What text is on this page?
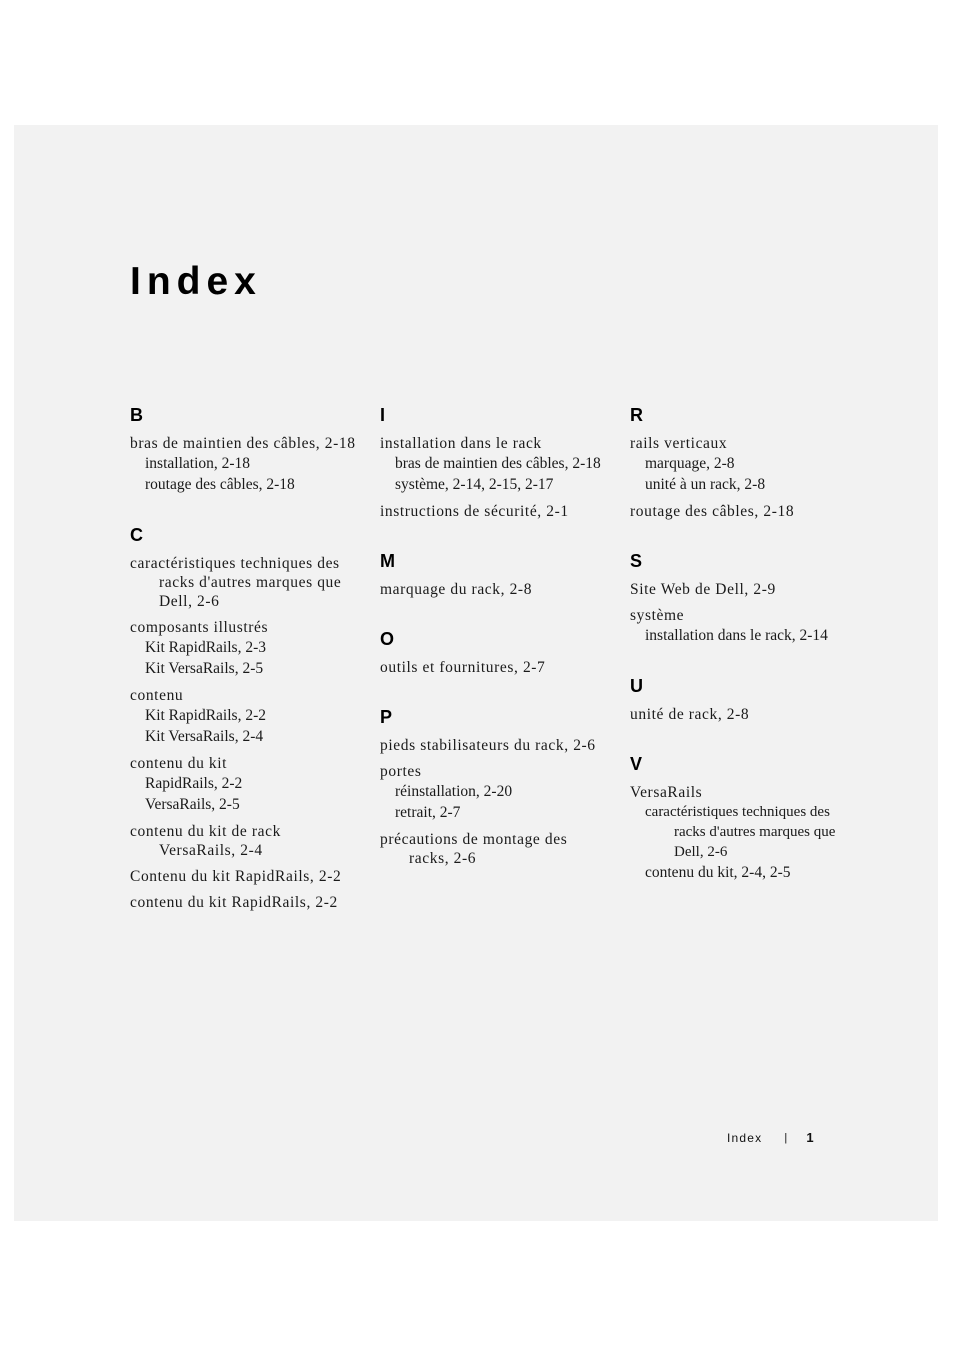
Index
B
bras de maintien des câbles, 2-18
installation, 2-18
routage des câbles, 2-18
C
caractéristiques techniques des racks d'autres marques que Dell, 2-6
composants illustrés
Kit RapidRails, 2-3
Kit VersaRails, 2-5
contenu
Kit RapidRails, 2-2
Kit VersaRails, 2-4
contenu du kit
RapidRails, 2-2
VersaRails, 2-5
contenu du kit de rack VersaRails, 2-4
Contenu du kit RapidRails, 2-2
contenu du kit RapidRails, 2-2
I
installation dans le rack
bras de maintien des câbles, 2-18
système, 2-14, 2-15, 2-17
instructions de sécurité, 2-1
M
marquage du rack, 2-8
O
outils et fournitures, 2-7
P
pieds stabilisateurs du rack, 2-6
portes
réinstallation, 2-20
retrait, 2-7
précautions de montage des racks, 2-6
R
rails verticaux
marquage, 2-8
unité à un rack, 2-8
routage des câbles, 2-18
S
Site Web de Dell, 2-9
système
installation dans le rack, 2-14
U
unité de rack, 2-8
V
VersaRails
caractéristiques techniques des racks d'autres marques que Dell, 2-6
contenu du kit, 2-4, 2-5
Index | 1
